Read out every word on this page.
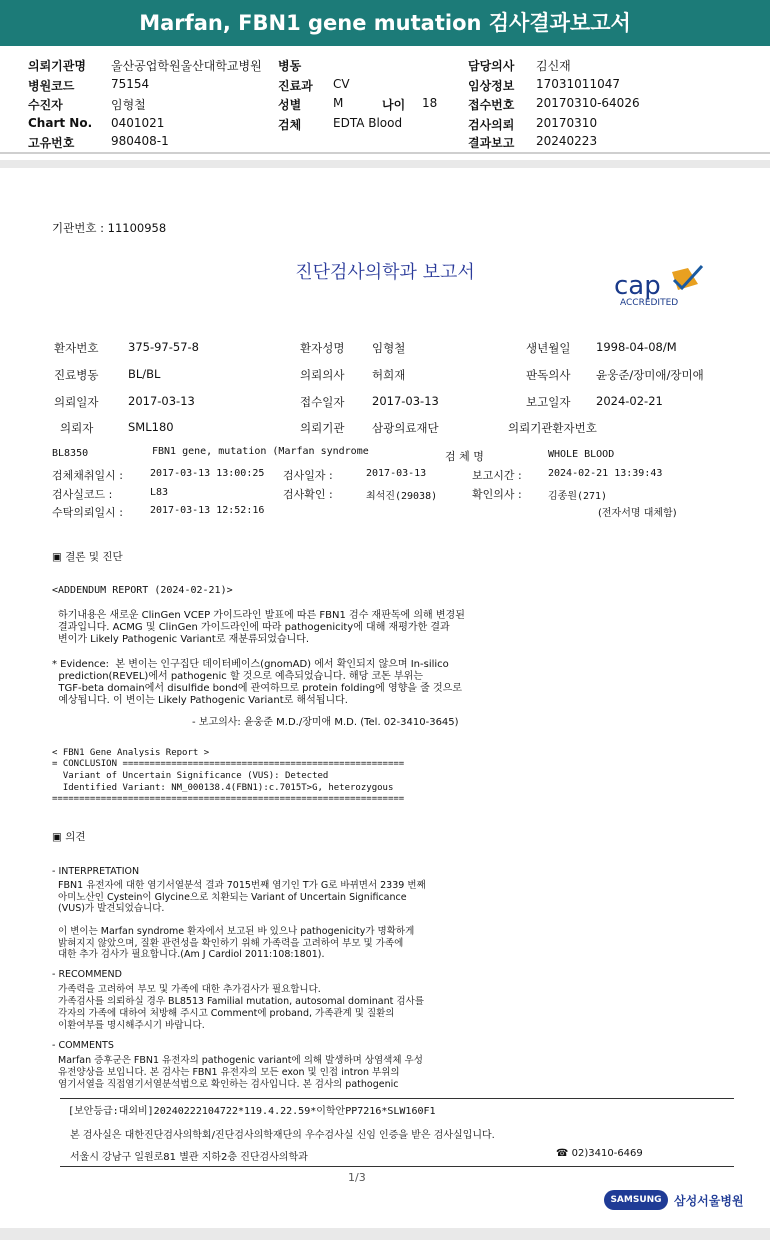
Marfan, FBN1 gene mutation 검사결과보고서
의뢰기관명 울산공업학원울산대학교병원 병동	담당의사 김신재
병원코드	75154	진료과 CV	임상정보 17031011047
수진자	임형철	성별	M	나이 18	접수번호 20170310-64026
Chart No. 0401021	검체	EDTA Blood	검사의뢰 20170310
고유번호	980408-1	결과보고 20240223
기관번호 : 11100958
진단검사의학과 보고서	cap
ACCREDITED
환자번호	375-97-57-8	환자성명 임형철	생년월일 1998-04-08/M
진료병동	BL/BL	의뢰의사 허희재	판독의사 윤웅준/장미애/장미애
의뢰일자	2017-03-13	접수일자 2017-03-13	보고일자 2024-02-21
의뢰자	SML180	의뢰기관 삼광의료재단	의뢰기관환자번호
BL8350	FBN1 gene, mutation (Marfan syndrome	검 체 명	WHOLE BLOOD
검체채취일시 :	2017-03-13 13:00:25 검사일자 :	2017-03-13	보고시간 :	2024-02-21 13:39:43
검사실코드 :	L83	검사확인 :	최석진(29038)	확인의사 :	김종원(271)
수탁의뢰일시 :	2017-03-13 12:52:16	(전자서명 대체함)
▣ 결론 및 진단
<ADDENDUM REPORT (2024-02-21)>
하기내용은 새로운 ClinGen VCEP 가이드라인 발표에 따른 FBN1 검수 재판독에 의해 변경된
결과입니다. ACMG 및 ClinGen 가이드라인에 따라 pathogenicity에 대해 재평가한 결과
변이가 Likely Pathogenic Variant로 재분류되었습니다.
* Evidence:  본 변이는 인구집단 데이터베이스(gnomAD) 에서 확인되지 않으며 In-silico
prediction(REVEL)에서 pathogenic 할 것으로 예측되었습니다. 해당 코돈 부위는
TGF-beta domain에서 disulfide bond에 관여하므로 protein folding에 영향을 줄 것으로
예상됩니다. 이 변이는 Likely Pathogenic Variant로 해석됩니다.
- 보고의사: 윤웅준 M.D./장미애 M.D. (Tel. 02-3410-3645)
< FBN1 Gene Analysis Report >
= CONCLUSION ====================================================
Variant of Uncertain Significance (VUS): Detected
Identified Variant: NM_000138.4(FBN1):c.7015T>G, heterozygous
=================================================================
▣ 의견
- INTERPRETATION
FBN1 유전자에 대한 염기서열분석 결과 7015번째 염기인 T가 G로 바뀌면서 2339 번째
아미노산인 Cystein이 Glycine으로 치환되는 Variant of Uncertain Significance
(VUS)가 발견되었습니다.
이 변이는 Marfan syndrome 환자에서 보고된 바 있으나 pathogenicity가 명확하게
밝혀지지 않았으며, 질환 관련성을 확인하기 위해 가족력을 고려하여 부모 및 가족에
대한 추가 검사가 필요합니다.(Am J Cardiol 2011:108:1801).
- RECOMMEND
가족력을 고려하여 부모 및 가족에 대한 추가검사가 필요합니다.
가족검사를 의뢰하실 경우 BL8513 Familial mutation, autosomal dominant 검사를
각자의 가족에 대하여 처방해 주시고 Comment에 proband, 가족관계 및 질환의
이환여부를 명시해주시기 바랍니다.
- COMMENTS
Marfan 증후군은 FBN1 유전자의 pathogenic variant에 의해 발생하며 상염색체 우성
유전양상을 보입니다. 본 검사는 FBN1 유전자의 모든 exon 및 인접 intron 부위의
염기서열을 직접염기서열분석법으로 확인하는 검사입니다. 본 검사의 pathogenic
[보안등급:대외비]20240222104722*119.4.22.59*이학안PP7216*SLW160F1
본 검사실은 대한진단검사의학회/진단검사의학재단의 우수검사실 신임 인증을 받은 검사실입니다.
서울시 강남구 일원로81 별관 지하2층 진단검사의학과	☎ 02)3410-6469
1/3
SAMSUNG	삼성서울병원
